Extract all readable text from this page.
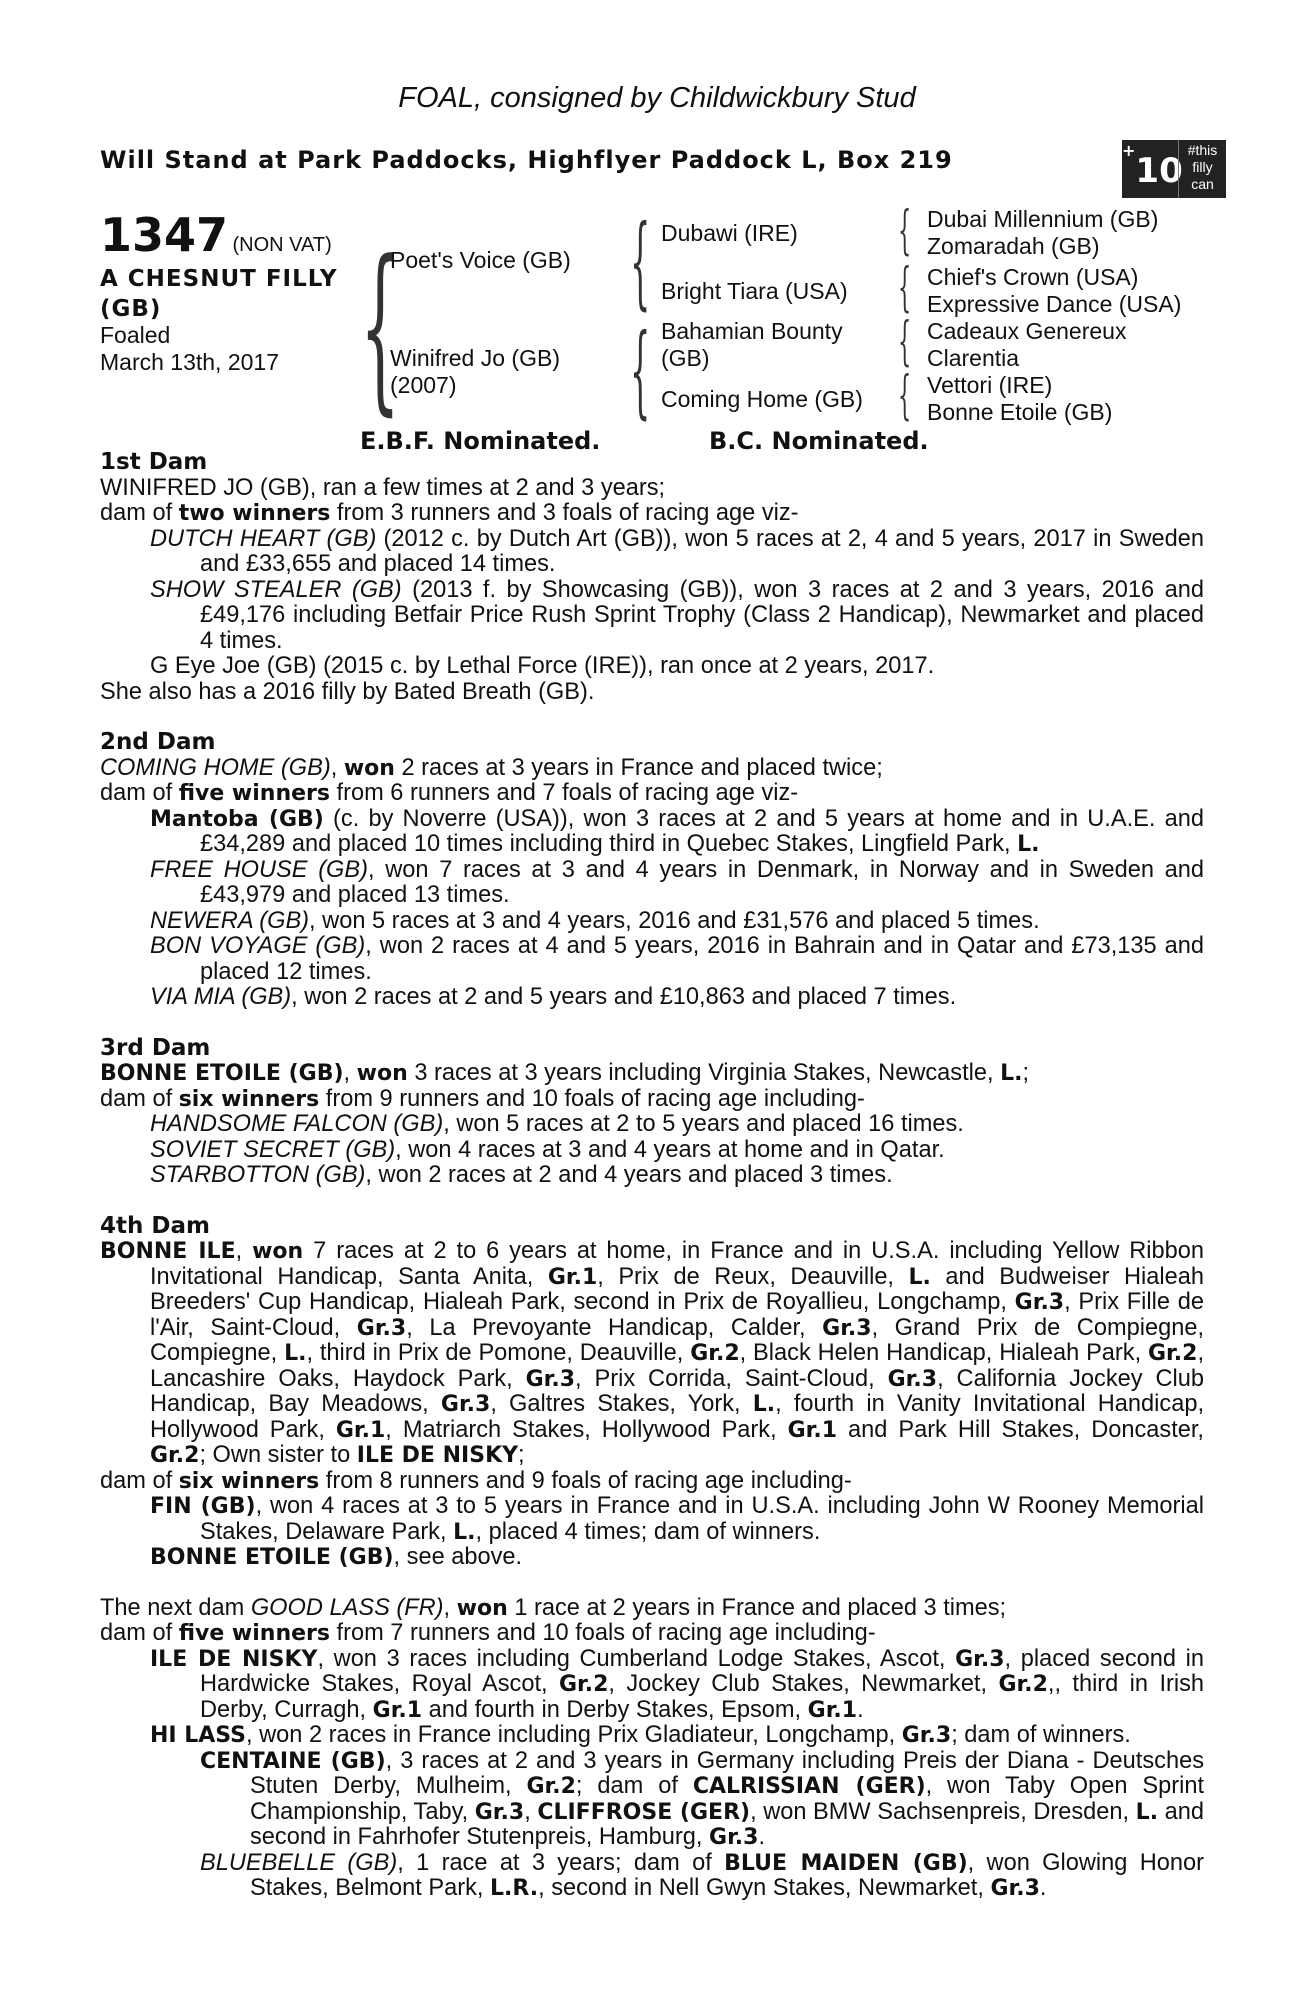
FOAL, consigned by Childwickbury Stud
Will Stand at Park Paddocks, Highflyer Paddock L, Box 219	+10
#this
filly
can
1347 (NON VAT)
A CHESNUT FILLY
(GB)
Foaled
March 13th, 2017 { {
{
{
{
{
{
Poet's Voice (GB)
Winifred Jo (GB)
(2007)
Dubawi (IRE)
Bright Tiara (USA)
Bahamian Bounty
(GB)
Coming Home (GB)
Dubai Millennium (GB)
Zomaradah (GB)
Chief's Crown (USA)
Expressive Dance (USA)
Cadeaux Genereux
Clarentia
Vettori (IRE)
Bonne Etoile (GB)
E.B.F. Nominated.	B.C. Nominated.
1st Dam

WINIFRED JO (GB), ran a few times at 2 and 3 years;

dam of two winners from 3 runners and 3 foals of racing age viz-

DUTCH HEART (GB) (2012 c. by Dutch Art (GB)), won 5 races at 2, 4 and 5 years, 2017 in Sweden and £33,655 and placed 14 times.

SHOW STEALER (GB) (2013 f. by Showcasing (GB)), won 3 races at 2 and 3 years, 2016 and £49,176 including Betfair Price Rush Sprint Trophy (Class 2 Handicap), Newmarket and placed 4 times.

G Eye Joe (GB) (2015 c. by Lethal Force (IRE)), ran once at 2 years, 2017.

She also has a 2016 filly by Bated Breath (GB).

2nd Dam

COMING HOME (GB), won 2 races at 3 years in France and placed twice;

dam of five winners from 6 runners and 7 foals of racing age viz-

Mantoba (GB) (c. by Noverre (USA)), won 3 races at 2 and 5 years at home and in U.A.E. and £34,289 and placed 10 times including third in Quebec Stakes, Lingfield Park, L.

FREE HOUSE (GB), won 7 races at 3 and 4 years in Denmark, in Norway and in Sweden and £43,979 and placed 13 times.

NEWERA (GB), won 5 races at 3 and 4 years, 2016 and £31,576 and placed 5 times.

BON VOYAGE (GB), won 2 races at 4 and 5 years, 2016 in Bahrain and in Qatar and £73,135 and placed 12 times.

VIA MIA (GB), won 2 races at 2 and 5 years and £10,863 and placed 7 times.

3rd Dam

BONNE ETOILE (GB), won 3 races at 3 years including Virginia Stakes, Newcastle, L.;

dam of six winners from 9 runners and 10 foals of racing age including-

HANDSOME FALCON (GB), won 5 races at 2 to 5 years and placed 16 times.

SOVIET SECRET (GB), won 4 races at 3 and 4 years at home and in Qatar.

STARBOTTON (GB), won 2 races at 2 and 4 years and placed 3 times.

4th Dam

BONNE ILE, won 7 races at 2 to 6 years at home, in France and in U.S.A. including Yellow Ribbon Invitational Handicap, Santa Anita, Gr.1, Prix de Reux, Deauville, L. and Budweiser Hialeah Breeders' Cup Handicap, Hialeah Park, second in Prix de Royallieu, Longchamp, Gr.3, Prix Fille de l'Air, Saint-Cloud, Gr.3, La Prevoyante Handicap, Calder, Gr.3, Grand Prix de Compiegne, Compiegne, L., third in Prix de Pomone, Deauville, Gr.2, Black Helen Handicap, Hialeah Park, Gr.2, Lancashire Oaks, Haydock Park, Gr.3, Prix Corrida, Saint-Cloud, Gr.3, California Jockey Club Handicap, Bay Meadows, Gr.3, Galtres Stakes, York, L., fourth in Vanity Invitational Handicap, Hollywood Park, Gr.1, Matriarch Stakes, Hollywood Park, Gr.1 and Park Hill Stakes, Doncaster, Gr.2; Own sister to ILE DE NISKY;

dam of six winners from 8 runners and 9 foals of racing age including-

FIN (GB), won 4 races at 3 to 5 years in France and in U.S.A. including John W Rooney Memorial Stakes, Delaware Park, L., placed 4 times; dam of winners.

BONNE ETOILE (GB), see above.

The next dam GOOD LASS (FR), won 1 race at 2 years in France and placed 3 times;

dam of five winners from 7 runners and 10 foals of racing age including-

ILE DE NISKY, won 3 races including Cumberland Lodge Stakes, Ascot, Gr.3, placed second in Hardwicke Stakes, Royal Ascot, Gr.2, Jockey Club Stakes, Newmarket, Gr.2,, third in Irish Derby, Curragh, Gr.1 and fourth in Derby Stakes, Epsom, Gr.1.

HI LASS, won 2 races in France including Prix Gladiateur, Longchamp, Gr.3; dam of winners.

CENTAINE (GB), 3 races at 2 and 3 years in Germany including Preis der Diana - Deutsches Stuten Derby, Mulheim, Gr.2; dam of CALRISSIAN (GER), won Taby Open Sprint Championship, Taby, Gr.3, CLIFFROSE (GER), won BMW Sachsenpreis, Dresden, L. and second in Fahrhofer Stutenpreis, Hamburg, Gr.3.

BLUEBELLE (GB), 1 race at 3 years; dam of BLUE MAIDEN (GB), won Glowing Honor Stakes, Belmont Park, L.R., second in Nell Gwyn Stakes, Newmarket, Gr.3.
